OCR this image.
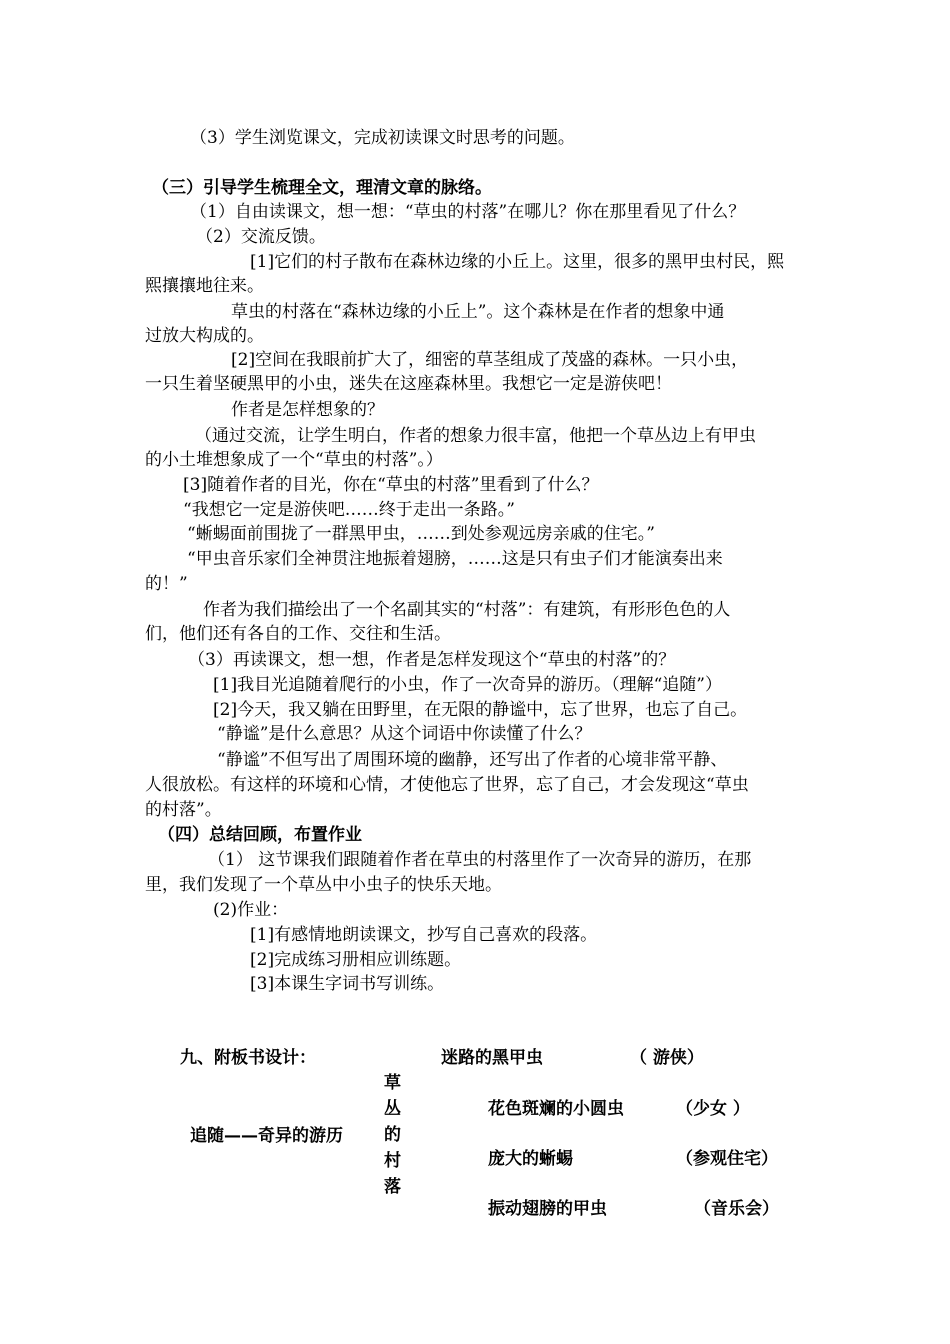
（3）学生浏览课文，完成初读课文时思考的问题。
（三）引导学生梳理全文，理清文章的脉络。
（1）自由读课文，想一想：“草虫的村落”在哪儿？你在那里看见了什么？
（2）交流反馈。
[1]它们的村子散布在森林边缘的小丘上。这里，很多的黑甲虫村民，熙
熙攘攘地往来。
草虫的村落在“森林边缘的小丘上”。这个森林是在作者的想象中通
过放大构成的。
[2]空间在我眼前扩大了，细密的草茎组成了茂盛的森林。一只小虫，
一只生着坚硬黑甲的小虫，迷失在这座森林里。我想它一定是游侠吧！
作者是怎样想象的？
（通过交流，让学生明白，作者的想象力很丰富，他把一个草丛边上有甲虫
的小土堆想象成了一个“草虫的村落”。）
[3]随着作者的目光，你在“草虫的村落”里看到了什么？
“我想它一定是游侠吧……终于走出一条路。”
“蜥蜴面前围拢了一群黑甲虫，……到处参观远房亲戚的住宅。”
“甲虫音乐家们全神贯注地振着翅膀，……这是只有虫子们才能演奏出来
的！”
作者为我们描绘出了一个名副其实的“村落”：有建筑，有形形色色的人
们，他们还有各自的工作、交往和生活。
（3）再读课文，想一想，作者是怎样发现这个“草虫的村落”的？
[1]我目光追随着爬行的小虫，作了一次奇异的游历。（理解“追随”）
[2]今天，我又躺在田野里，在无限的静谧中，忘了世界，也忘了自己。
“静谧”是什么意思？从这个词语中你读懂了什么？
“静谧”不但写出了周围环境的幽静，还写出了作者的心境非常平静、
人很放松。有这样的环境和心情，才使他忘了世界，忘了自己，才会发现这“草虫
的村落”。
（四）总结回顾，布置作业
（1） 这节课我们跟随着作者在草虫的村落里作了一次奇异的游历，在那
里，我们发现了一个草丛中小虫子的快乐天地。
(2)作业：
[1]有感情地朗读课文，抄写自己喜欢的段落。
[2]完成练习册相应训练题。
[3]本课生字词书写训练。
九、附板书设计：
追随——奇异的游历
草
丛
的
村
落
迷路的黑甲虫	（ 游侠）
花色斑斓的小圆虫	（少女 ）
庞大的蜥蜴	（参观住宅）
振动翅膀的甲虫	（音乐会）
